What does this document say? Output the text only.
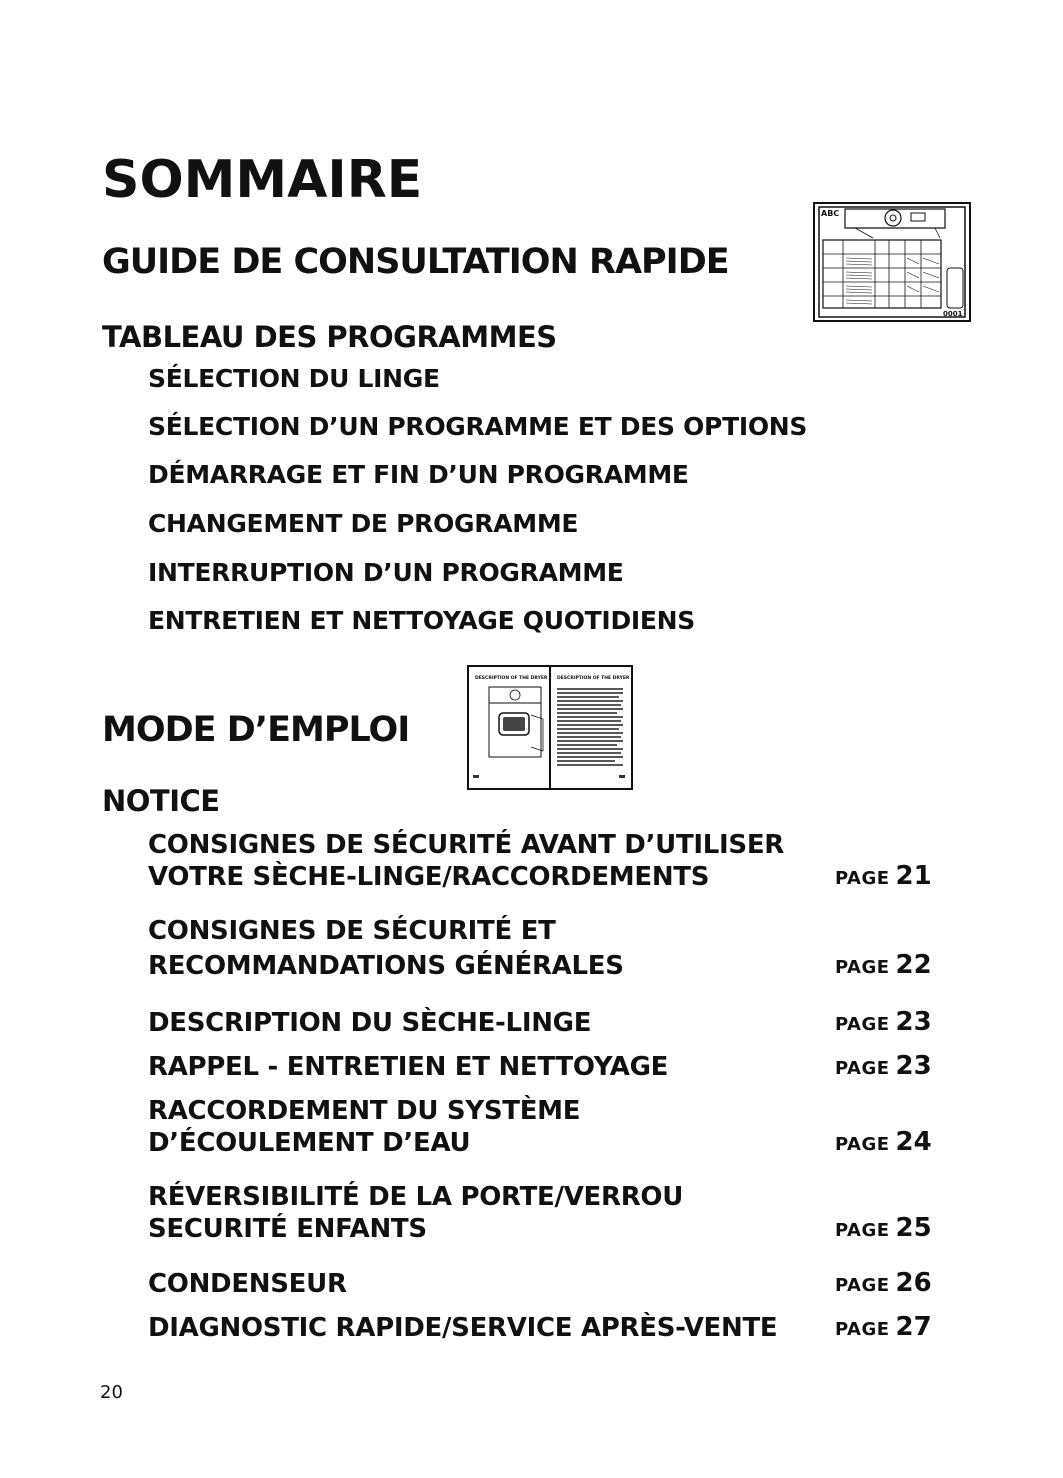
SOMMAIRE
GUIDE DE CONSULTATION RAPIDE
ABC
0001
TABLEAU DES PROGRAMMES
SÉLECTION DU LINGE
SÉLECTION D’UN PROGRAMME ET DES OPTIONS
DÉMARRAGE ET FIN D’UN PROGRAMME
CHANGEMENT DE PROGRAMME
INTERRUPTION D’UN PROGRAMME
ENTRETIEN ET NETTOYAGE QUOTIDIENS
MODE D’EMPLOI
DESCRIPTION OF THE DRYER DESCRIPTION OF THE DRYER
NOTICE
CONSIGNES DE SÉCURITÉ AVANT D’UTILISER
VOTRE SÈCHE-LINGE/RACCORDEMENTS	PAGE 21
CONSIGNES DE SÉCURITÉ ET
RECOMMANDATIONS GÉNÉRALES	PAGE 22
DESCRIPTION DU SÈCHE-LINGE	PAGE 23
RAPPEL - ENTRETIEN ET NETTOYAGE	PAGE 23
RACCORDEMENT DU SYSTÈME
D’ÉCOULEMENT D’EAU	PAGE 24
RÉVERSIBILITÉ DE LA PORTE/VERROU
SECURITÉ ENFANTS	PAGE 25
CONDENSEUR	PAGE 26
DIAGNOSTIC RAPIDE/SERVICE APRÈS-VENTE	PAGE 27
20
